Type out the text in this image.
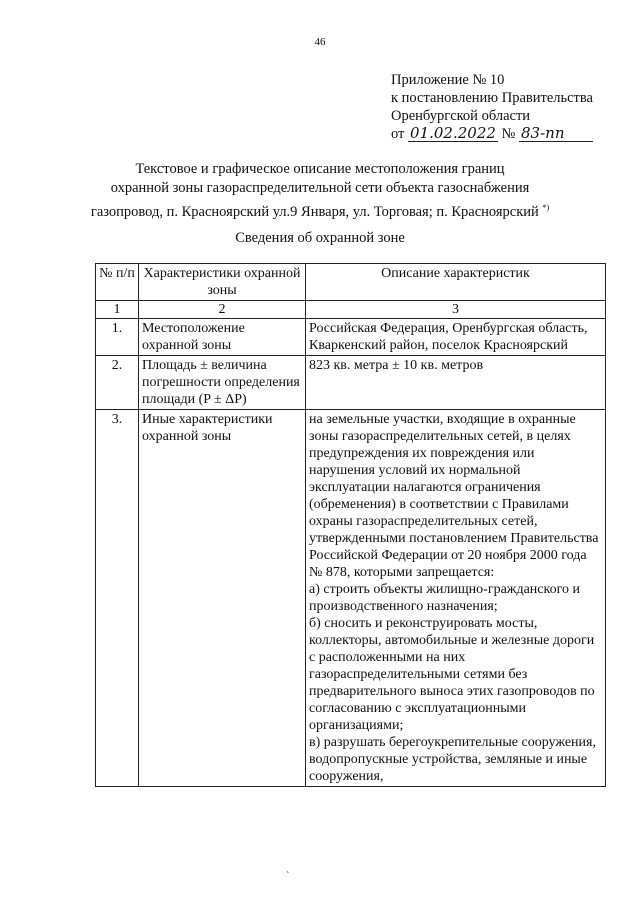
46
Приложение № 10
к постановлению Правительства
Оренбургской области
от 01.02.2022 № 83-пп
Текстовое и графическое описание местоположения границ
охранной зоны газораспределительной сети объекта газоснабжения
газопровод, п. Красноярский ул.9 Января, ул. Торговая; п. Красноярский *)
Сведения об охранной зоне
№ п/п	Характеристики охранной зоны	Описание характеристик
1	2	3
1.	Местоположение охранной зоны	Российская Федерация, Оренбургская область, Кваркенский район, поселок Красноярский

2.	Площадь ± величина погрешности определения площади (P ± ΔP)	823 кв. метра ± 10 кв. метров

3.	Иные характеристики охранной зоны	на земельные участки, входящие в охранные зоны газораспределительных сетей, в целях предупреждения их повреждения или нарушения условий их нормальной эксплуатации налагаются ограничения (обременения) в соответствии с Правилами охраны газораспределительных сетей, утвержденными постановлением Правительства Российской Федерации от 20 ноября 2000 года № 878, которыми запрещается:
а) строить объекты жилищно-гражданского и производственного назначения;
б) сносить и реконструировать мосты, коллекторы, автомобильные и железные дороги с расположенными на них газораспределительными сетями без предварительного выноса этих газопроводов по согласованию с эксплуатационными организациями;
в) разрушать берегоукрепительные сооружения, водопропускные устройства, земляные и иные сооружения,
`
